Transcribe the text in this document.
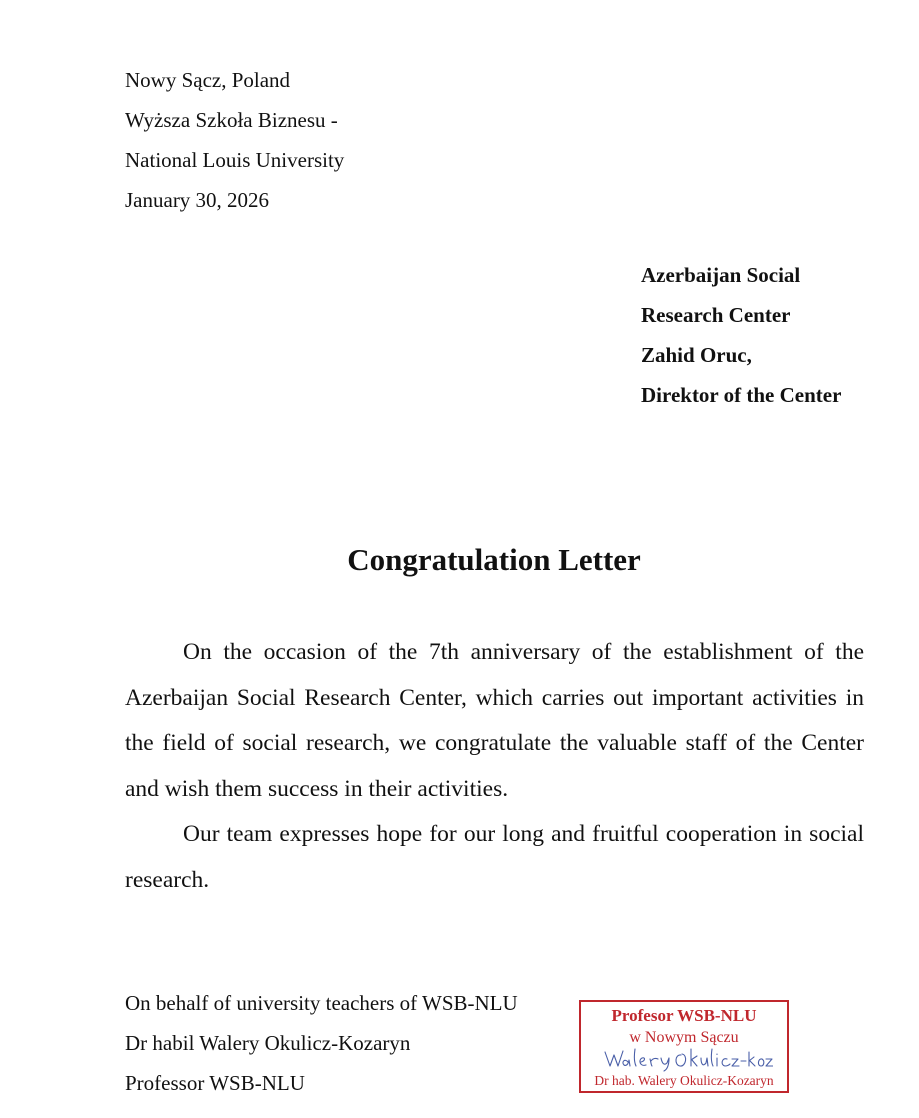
Nowy Sącz, Poland
Wyższa Szkoła Biznesu -
National Louis University
January 30, 2026
Azerbaijan Social
Research Center
Zahid Oruc,
Direktor of the Center
Congratulation Letter

On the occasion of the 7th anniversary of the establishment of the Azerbaijan Social Research Center, which carries out important activities in the field of social research, we congratulate the valuable staff of the Center and wish them success in their activities.

Our team expresses hope for our long and fruitful cooperation in social research.

On behalf of university teachers of WSB-NLU
Dr habil Walery Okulicz-Kozaryn
Professor WSB-NLU
Profesor WSB-NLU
w Nowym Sączu
Dr hab. Walery Okulicz-Kozaryn
